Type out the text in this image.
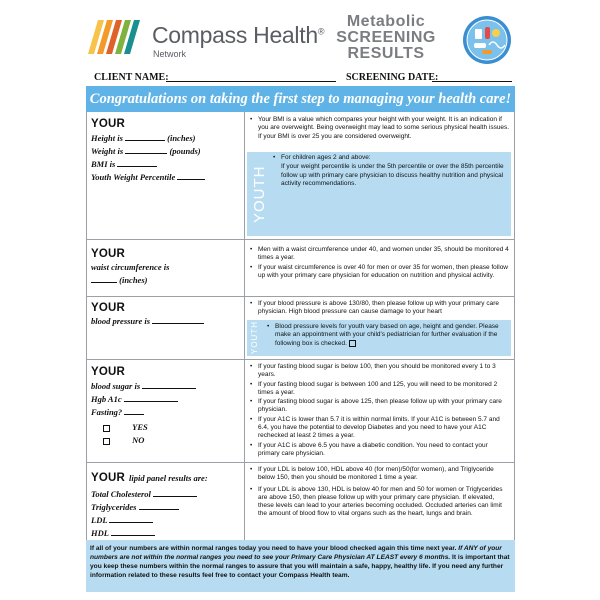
Compass Health®
Network
Metabolic
SCREENING
RESULTS
CLIENT NAME:	SCREENING DATE:
Congratulations on taking the first step to managing your health care!
YOUR
Height is	(inches)
Weight is	(pounds)
BMI is
Youth Weight Percentile
• Your BMI is a value which compares your height with your weight. It is an indication if you are overweight. Being overweight may lead to some serious physical health issues. If your BMI is over 25 you are considered overweight.
YOUTH
• For children ages 2 and above:
If your weight percentile is under the 5th percentile or over the 85th percentile follow up with primary care physician to discuss healthy nutrition and physical activity recommendations.
YOUR
waist circumference is
(inches)
• Men with a waist circumference under 40, and women under 35, should be monitored 4 times a year.
• If your waist circumference is over 40 for men or over 35 for women, then please follow up with your primary care physician for education on nutrition and physical activity.
YOUR
blood pressure is
• If your blood pressure is above 130/80, then please follow up with your primary care physician. High blood pressure can cause damage to your heart
YOUTH
•	Blood pressure levels for youth vary based on age, height and gender. Please make an appointment with your child's pediatrician for further evaluation if the following box is checked.
YOUR
blood sugar is
Hgb A1c
Fasting?
YES
NO
• If your fasting blood sugar is below 100, then you should be monitored every 1 to 3 years.
• If your fasting blood sugar is between 100 and 125, you will need to be monitored 2 times a year.
• If your fasting blood sugar is above 125, then please follow up with your primary care physician.
• If your A1C is lower than 5.7 it is within normal limits. If your A1C is between 5.7 and 6.4, you have the potential to develop Diabetes and you need to have your A1C rechecked at least 2 times a year.
• If your A1C is above 6.5 you have a diabetic condition. You need to contact your primary care physician.
YOUR lipid panel results are:
Total Cholesterol
Triglycerides
LDL
HDL
• If your LDL is below 100, HDL above 40 (for men)/50(for women), and Triglyceride below 150, then you should be monitored 1 time a year.
• If your LDL is above 130, HDL is below 40 for men and 50 for women or Triglycerides are above 150, then please follow up with your primary care physician. If elevated, these levels can lead to your arteries becoming occluded. Occluded arteries can limit the amount of blood flow to vital organs such as the heart, lungs and brain.
If all of your numbers are within normal ranges today you need to have your blood checked again this time next year. If ANY of your numbers are not within the normal ranges you need to see your Primary Care Physician AT LEAST every 6 months. It is important that you keep these numbers within the normal ranges to assure that you will maintain a safe, happy, healthy life. If you need any further information related to these results feel free to contact your Compass Health team.
